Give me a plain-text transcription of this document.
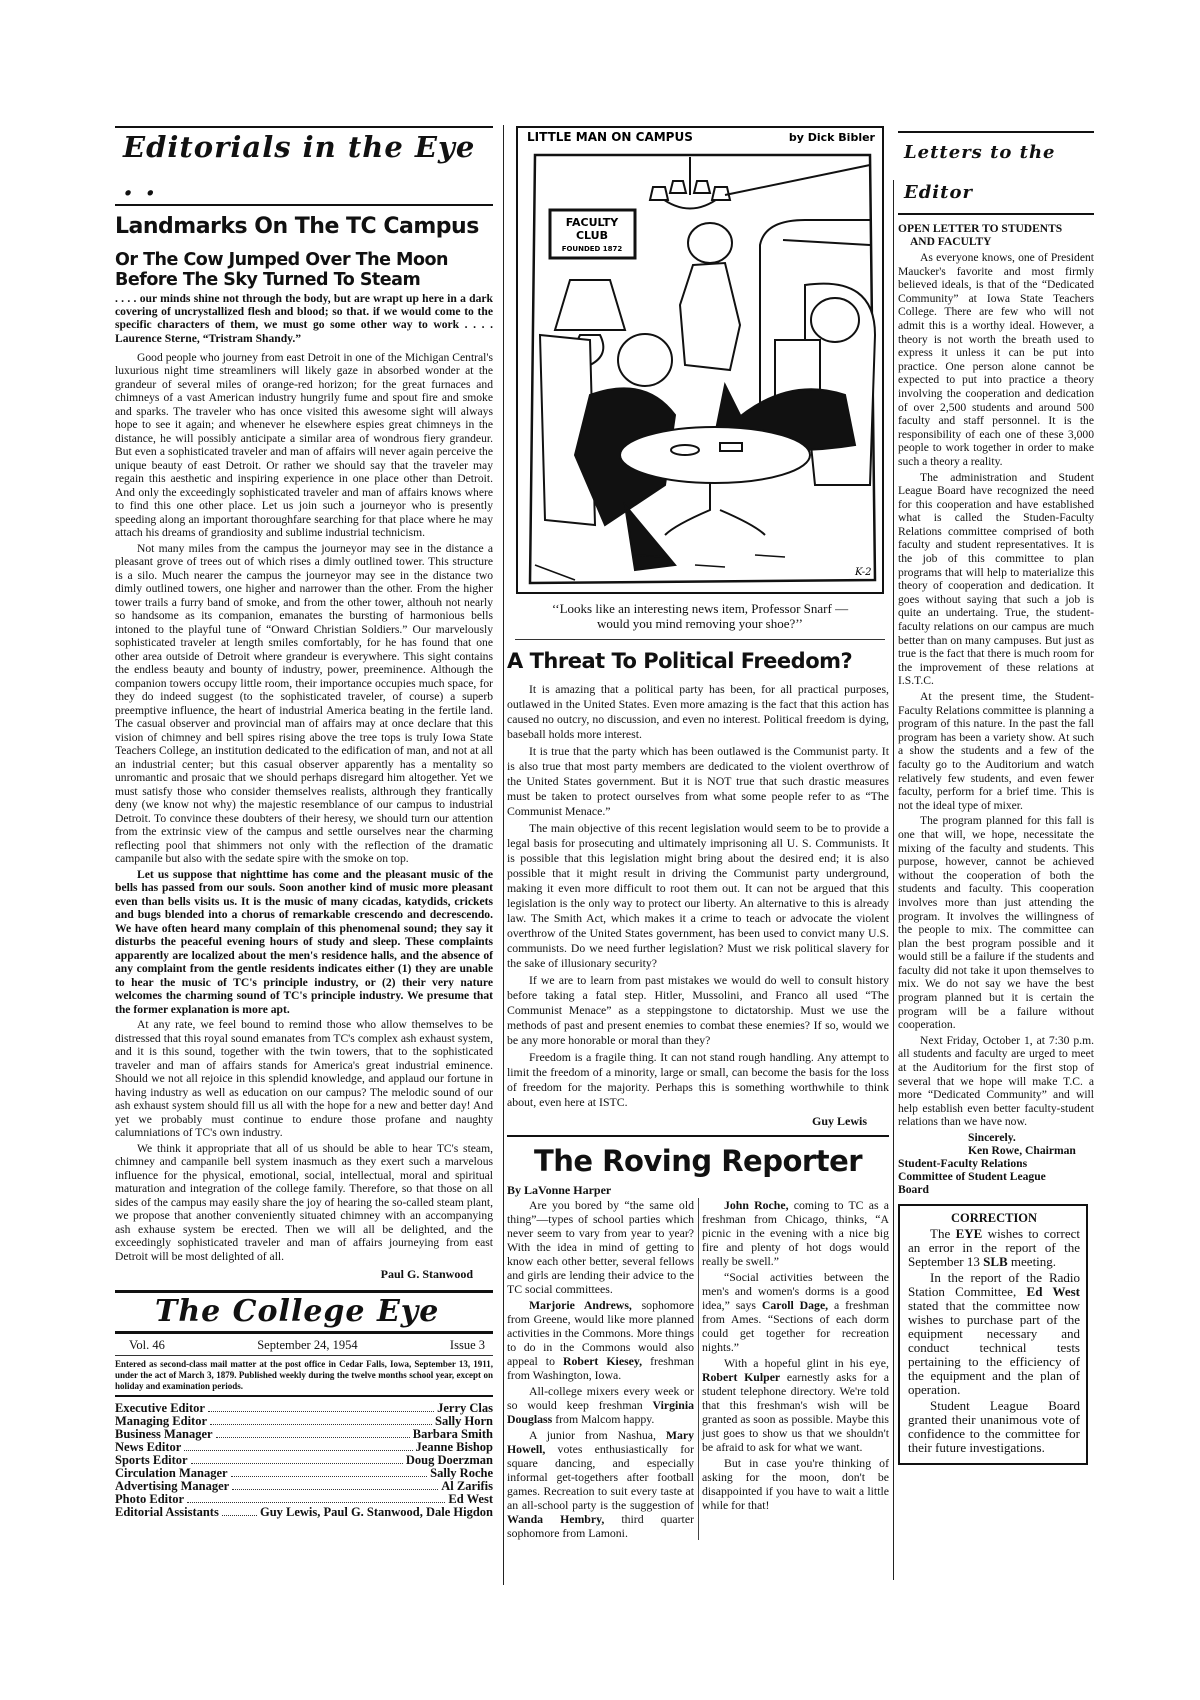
Editorials in the Eye . .
Landmarks On The TC Campus
Or The Cow Jumped Over The Moon
Before The Sky Turned To Steam
. . . . our minds shine not through the body, but are wrapt up here in a dark covering of uncrystallized flesh and blood; so that. if we would come to the specific characters of them, we must go some other way to work . . . . Laurence Sterne, “Tristram Shandy.”

Good people who journey from east Detroit in one of the Michigan Central's luxurious night time streamliners will likely gaze in absorbed wonder at the grandeur of several miles of orange-red horizon; for the great furnaces and chimneys of a vast American industry hungrily fume and spout fire and smoke and sparks. The traveler who has once visited this awesome sight will always hope to see it again; and whenever he elsewhere espies great chimneys in the distance, he will possibly anticipate a similar area of wondrous fiery grandeur. But even a sophisticated traveler and man of affairs will never again perceive the unique beauty of east Detroit. Or rather we should say that the traveler may regain this aesthetic and inspiring experience in one place other than Detroit. And only the exceedingly sophisticated traveler and man of affairs knows where to find this one other place. Let us join such a journeyor who is presently speeding along an important thoroughfare searching for that place where he may attach his dreams of grandiosity and sublime industrial technicism.

Not many miles from the campus the journeyor may see in the distance a pleasant grove of trees out of which rises a dimly outlined tower. This structure is a silo. Much nearer the campus the journeyor may see in the distance two dimly outlined towers, one higher and narrower than the other. From the higher tower trails a furry band of smoke, and from the other tower, althouh not nearly so handsome as its companion, emanates the bursting of harmonious bells intoned to the playful tune of “Onward Christian Soldiers.” Our marvelously sophisticated traveler at length smiles comfortably, for he has found that one other area outside of Detroit where grandeur is everywhere. This sight contains the endless beauty and bounty of industry, power, preeminence. Although the companion towers occupy little room, their importance occupies much space, for they do indeed suggest (to the sophisticated traveler, of course) a superb preemptive influence, the heart of industrial America beating in the fertile land. The casual observer and provincial man of affairs may at once declare that this vision of chimney and bell spires rising above the tree tops is truly Iowa State Teachers College, an institution dedicated to the edification of man, and not at all an industrial center; but this casual observer apparently has a mentality so unromantic and prosaic that we should perhaps disregard him altogether. Yet we must satisfy those who consider themselves realists, althrough they frantically deny (we know not why) the majestic resemblance of our campus to industrial Detroit. To convince these doubters of their heresy, we should turn our attention from the extrinsic view of the campus and settle ourselves near the charming reflecting pool that shimmers not only with the reflection of the dramatic campanile but also with the sedate spire with the smoke on top.

Let us suppose that nighttime has come and the pleasant music of the bells has passed from our souls. Soon another kind of music more pleasant even than bells visits us. It is the music of many cicadas, katydids, crickets and bugs blended into a chorus of remarkable crescendo and decrescendo. We have often heard many complain of this phenomenal sound; they say it disturbs the peaceful evening hours of study and sleep. These complaints apparently are localized about the men's residence halls, and the absence of any complaint from the gentle residents indicates either (1) they are unable to hear the music of TC's principle industry, or (2) their very nature welcomes the charming sound of TC's principle industry. We presume that the former explanation is more apt.

At any rate, we feel bound to remind those who allow themselves to be distressed that this royal sound emanates from TC's complex ash exhaust system, and it is this sound, together with the twin towers, that to the sophisticated traveler and man of affairs stands for America's great industrial eminence. Should we not all rejoice in this splendid knowledge, and applaud our fortune in having industry as well as education on our campus? The melodic sound of our ash exhaust system should fill us all with the hope for a new and better day! And yet we probably must continue to endure those profane and naughty calumniations of TC's own industry.

We think it appropriate that all of us should be able to hear TC's steam, chimney and campanile bell system inasmuch as they exert such a marvelous influence for the physical, emotional, social, intellectual, moral and spiritual maturation and integration of the college family. Therefore, so that those on all sides of the campus may easily share the joy of hearing the so-called steam plant, we propose that another conveniently situated chimney with an accompanying ash exhause system be erected. Then we will all be delighted, and the exceedingly sophisticated traveler and man of affairs journeying from east Detroit will be most delighted of all.

Paul G. Stanwood
The College Eye
Vol. 46	September 24, 1954	Issue 3
Entered as second-class mail matter at the post office in Cedar Falls, Iowa, September 13, 1911, under the act of March 3, 1879. Published weekly during the twelve months school year, except on holiday and examination periods.
Executive Editor	Jerry Clas
Managing Editor	Sally Horn
Business Manager	Barbara Smith
News Editor	Jeanne Bishop
Sports Editor	Doug Doerzman
Circulation Manager	Sally Roche
Advertising Manager	Al Zarifis
Photo Editor	Ed West
Editorial Assistants	Guy Lewis, Paul G. Stanwood, Dale Higdon
LITTLE MAN ON CAMPUS	by Dick Bibler
FACULTY
CLUB
FOUNDED 1872
K-2
‘‘Looks like an interesting news item, Professor Snarf —
would you mind removing your shoe?’’
A Threat To Political Freedom?

It is amazing that a political party has been, for all practical purposes, outlawed in the United States. Even more amazing is the fact that this action has caused no outcry, no discussion, and even no interest. Political freedom is dying, baseball holds more interest.

It is true that the party which has been outlawed is the Communist party. It is also true that most party members are dedicated to the violent overthrow of the United States government. But it is NOT true that such drastic measures must be taken to protect ourselves from what some people refer to as “The Communist Menace.”

The main objective of this recent legislation would seem to be to provide a legal basis for prosecuting and ultimately imprisoning all U. S. Communists. It is possible that this legislation might bring about the desired end; it is also possible that it might result in driving the Communist party underground, making it even more difficult to root them out. It can not be argued that this legislation is the only way to protect our liberty. An alternative to this is already law. The Smith Act, which makes it a crime to teach or advocate the violent overthrow of the United States government, has been used to convict many U.S. communists. Do we need further legislation? Must we risk political slavery for the sake of illusionary security?

If we are to learn from past mistakes we would do well to consult history before taking a fatal step. Hitler, Mussolini, and Franco all used “The Communist Menace” as a steppingstone to dictatorship. Must we use the methods of past and present enemies to combat these enemies? If so, would we be any more honorable or moral than they?

Freedom is a fragile thing. It can not stand rough handling. Any attempt to limit the freedom of a minority, large or small, can become the basis for the loss of freedom for the majority. Perhaps this is something worthwhile to think about, even here at ISTC.

Guy Lewis
The Roving Reporter
By LaVonne Harper

Are you bored by “the same old thing”—types of school parties which never seem to vary from year to year? With the idea in mind of getting to know each other better, several fellows and girls are lending their advice to the TC social committees.

Marjorie Andrews, sophomore from Greene, would like more planned activities in the Commons. More things to do in the Commons would also appeal to Robert Kiesey, freshman from Washington, Iowa.

All-college mixers every week or so would keep freshman Virginia Douglass from Malcom happy.

A junior from Nashua, Mary Howell, votes enthusiastically for square dancing, and especially informal get-togethers after football games. Recreation to suit every taste at an all-school party is the suggestion of Wanda Hembry, third quarter sophomore from Lamoni.

John Roche, coming to TC as a freshman from Chicago, thinks, “A picnic in the evening with a nice big fire and plenty of hot dogs would really be swell.”

“Social activities between the men's and women's dorms is a good idea,” says Caroll Dage, a freshman from Ames. “Sections of each dorm could get together for recreation nights.”

With a hopeful glint in his eye, Robert Kulper earnestly asks for a student telephone directory. We're told that this freshman's wish will be granted as soon as possible. Maybe this just goes to show us that we shouldn't be afraid to ask for what we want.

But in case you're thinking of asking for the moon, don't be disappointed if you have to wait a little while for that!

Letters to the Editor
OPEN LETTER TO STUDENTS
AND FACULTY

As everyone knows, one of President Maucker's favorite and most firmly believed ideals, is that of the “Dedicated Community” at Iowa State Teachers College. There are few who will not admit this is a worthy ideal. However, a theory is not worth the breath used to express it unless it can be put into practice. One person alone cannot be expected to put into practice a theory involving the cooperation and dedication of over 2,500 students and around 500 faculty and staff personnel. It is the responsibility of each one of these 3,000 people to work together in order to make such a theory a reality.

The administration and Student League Board have recognized the need for this cooperation and have established what is called the Studen-Faculty Relations committee comprised of both faculty and student representatives. It is the job of this committee to plan programs that will help to materialize this theory of cooperation and dedication. It goes without saying that such a job is quite an undertaing. True, the student-faculty relations on our campus are much better than on many campuses. But just as true is the fact that there is much room for the improvement of these relations at I.S.T.C.

At the present time, the Student-Faculty Relations committee is planning a program of this nature. In the past the fall program has been a variety show. At such a show the students and a few of the faculty go to the Auditorium and watch relatively few students, and even fewer faculty, perform for a brief time. This is not the ideal type of mixer.

The program planned for this fall is one that will, we hope, necessitate the mixing of the faculty and students. This purpose, however, cannot be achieved without the cooperation of both the students and faculty. This cooperation involves more than just attending the program. It involves the willingness of the people to mix. The committee can plan the best program possible and it would still be a failure if the students and faculty did not take it upon themselves to mix. We do not say we have the best program planned but it is certain the program will be a failure without cooperation.

Next Friday, October 1, at 7:30 p.m. all students and faculty are urged to meet at the Auditorium for the first stop of several that we hope will make T.C. a more “Dedicated Community” and will help establish even better faculty-student relations than we have now.

Sincerely.
Ken Rowe, Chairman
Student-Faculty Relations Committee of Student League Board
CORRECTION

The EYE wishes to correct an error in the report of the September 13 SLB meeting.

In the report of the Radio Station Committee, Ed West stated that the committee now wishes to purchase part of the equipment necessary and conduct technical tests pertaining to the efficiency of the equipment and the plan of operation.

Student League Board granted their unanimous vote of confidence to the committee for their future investigations.
